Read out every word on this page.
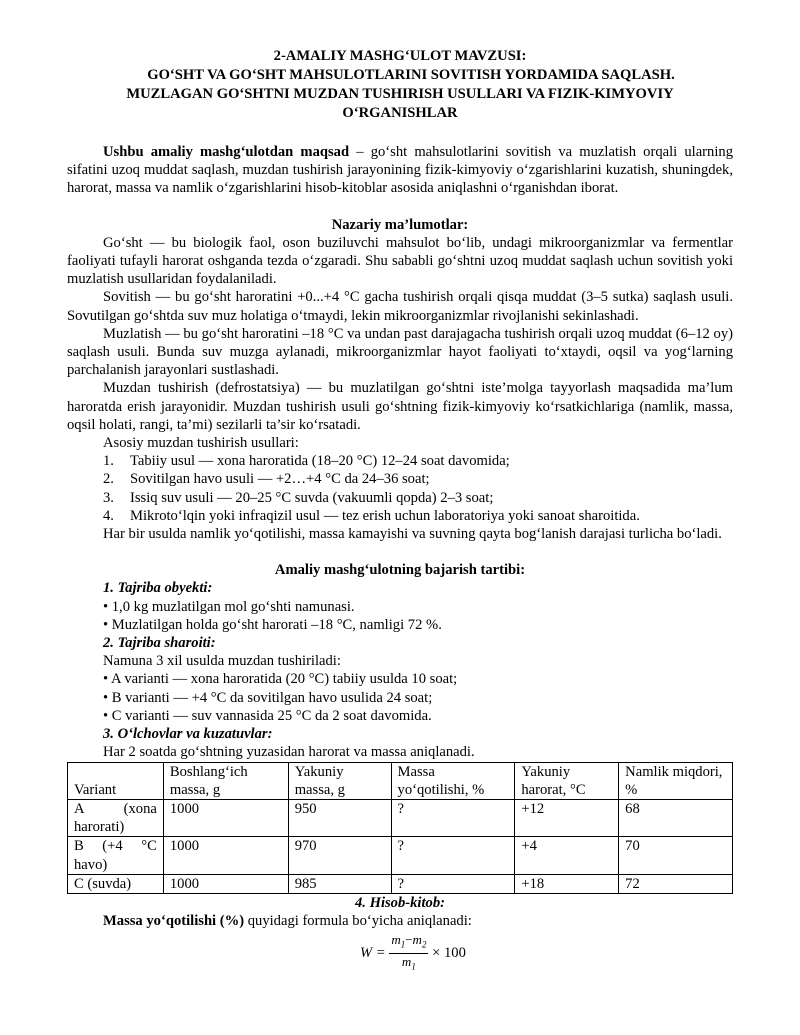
2-AMALIY MASHG‘ULOT MAVZUSI:
GO‘SHT VA GO‘SHT MAHSULOTLARINI SOVITISH YORDAMIDA SAQLASH.
MUZLAGAN GO‘SHTNI MUZDAN TUSHIRISH USULLARI VA FIZIK-KIMYOVIY
O‘RGANISHLAR

Ushbu amaliy mashg‘ulotdan maqsad – go‘sht mahsulotlarini sovitish va muzlatish orqali ularning sifatini uzoq muddat saqlash, muzdan tushirish jarayonining fizik-kimyoviy o‘zgarishlarini kuzatish, shuningdek, harorat, massa va namlik o‘zgarishlarini hisob-kitoblar asosida aniqlashni o‘rganishdan iborat.

Nazariy ma’lumotlar:

Go‘sht — bu biologik faol, oson buziluvchi mahsulot bo‘lib, undagi mikroorganizmlar va fermentlar faoliyati tufayli harorat oshganda tezda o‘zgaradi. Shu sababli go‘shtni uzoq muddat saqlash uchun sovitish yoki muzlatish usullaridan foydalaniladi.

Sovitish — bu go‘sht haroratini +0...+4 °C gacha tushirish orqali qisqa muddat (3–5 sutka) saqlash usuli. Sovutilgan go‘shtda suv muz holatiga o‘tmaydi, lekin mikroorganizmlar rivojlanishi sekinlashadi.

Muzlatish — bu go‘sht haroratini –18 °C va undan past darajagacha tushirish orqali uzoq muddat (6–12 oy) saqlash usuli. Bunda suv muzga aylanadi, mikroorganizmlar hayot faoliyati to‘xtaydi, oqsil va yog‘larning parchalanish jarayonlari sustlashadi.

Muzdan tushirish (defrostatsiya) — bu muzlatilgan go‘shtni iste’molga tayyorlash maqsadida ma’lum haroratda erish jarayonidir. Muzdan tushirish usuli go‘shtning fizik-kimyoviy ko‘rsatkichlariga (namlik, massa, oqsil holati, rangi, ta’mi) sezilarli ta’sir ko‘rsatadi.

Asosiy muzdan tushirish usullari:

1.	Tabiiy usul — xona haroratida (18–20 °C) 12–24 soat davomida;
2.	Sovitilgan havo usuli — +2…+4 °C da 24–36 soat;
3.	Issiq suv usuli — 20–25 °C suvda (vakuumli qopda) 2–3 soat;
4.	Mikroto‘lqin yoki infraqizil usul — tez erish uchun laboratoriya yoki sanoat sharoitida.

Har bir usulda namlik yo‘qotilishi, massa kamayishi va suvning qayta bog‘lanish darajasi turlicha bo‘ladi.

Amaliy mashg‘ulotning bajarish tartibi:
1. Tajriba obyekti:
• 1,0 kg muzlatilgan mol go‘shti namunasi.
• Muzlatilgan holda go‘sht harorati –18 °C, namligi 72 %.
2. Tajriba sharoiti:
Namuna 3 xil usulda muzdan tushiriladi:
• A varianti — xona haroratida (20 °C) tabiiy usulda 10 soat;
• B varianti — +4 °C da sovitilgan havo usulida 24 soat;
• C varianti — suv vannasida 25 °C da 2 soat davomida.
3. O‘lchovlar va kuzatuvlar:
Har 2 soatda go‘shtning yuzasidan harorat va massa aniqlanadi.
Variant	Boshlang‘ich massa, g	Yakuniy massa, g	Massa yo‘qotilishi, %	Yakuniy harorat, °C	Namlik miqdori, %
A (xona harorati)	1000	950	?	+12	68
B (+4 °C havo)	1000	970	?	+4	70
C (suvda)	1000	985	?	+18	72
4. Hisob-kitob:

Massa yo‘qotilishi (%) quyidagi formula bo‘yicha aniqlanadi:

$W = \frac{m_1-m_2}{m_1} \times 100$
